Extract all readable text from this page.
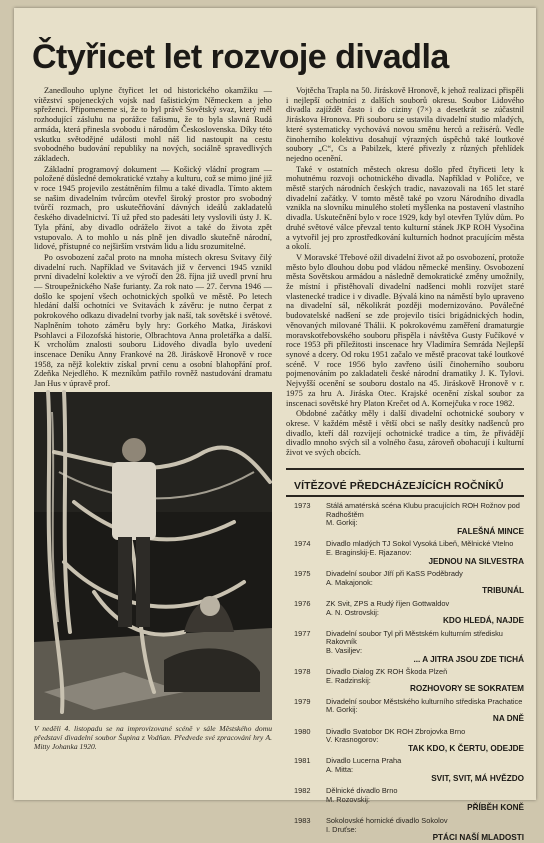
Čtyřicet let rozvoje divadla

Zanedlouho uplyne čtyřicet let od historického okamžiku — vítězství spojeneckých vojsk nad fašistickým Německem a jeho spřeženci. Připomeneme si, že to byl právě Sovětský svaz, který měl rozhodující zásluhu na porážce fašismu, že to byla slavná Rudá armáda, která přinesla svobodu i národům Československa. Díky této vskutku světodějné události mohl náš lid nastoupit na cestu svobodného budování republiky na nových, sociálně spravedlivých základech.

Základní programový dokument — Košický vládní program — položené důsledné demokratické vztahy a kulturu, což se mimo jiné již v roce 1945 projevilo zestátněním filmu a také divadla. Tímto aktem se našim divadelním tvůrcům otevřel široký prostor pro svobodný tvůrčí rozmach, pro uskutečňování dávných ideálů zakladatelů českého divadelnictví. Tí už před sto padesáti lety vyslovili ústy J. K. Tyla přání, aby divadlo odráželo život a také do života zpět vstupovalo. A to mohlo u nás plně jen divadlo skutečně národní, lidové, přístupné co nejširším vrstvám lidu a lidu srozumitelné.

Po osvobození začal proto na mnoha místech okresu Svitavy čilý divadelní ruch. Například ve Svitavách již v červenci 1945 vznikl první divadelní kolektiv a ve výročí den 28. října již uvedl první hru — Stroupežnického Naše furianty. Za rok nato — 27. června 1946 — došlo ke spojení všech ochotnických spolků ve městě. Po letech hledání další ochotníci ve Svitavách k závěru: je nutno čerpat z pokrokového odkazu divadelní tvorby jak naší, tak sovětské i světové. Naplněním tohoto záměru byly hry: Gorkého Matka, Jiráskovi Psohlavci a Filozofská historie, Olbrachtova Anna proletářka a další. K vrcholům znalosti souboru Lidového divadla bylo uvedení inscenace Deníku Anny Frankové na 28. Jiráskově Hronově v roce 1958, za nějž kolektiv získal první cenu a osobní blahopřání prof. Zdeňka Nejedlého. K mezníkům patřilo rovněž nastudování dramatu Jan Hus v úpravě prof.

V neděli 4. listopadu se na improvizované scéně v sále Městského domu představí divadelní soubor Šupina z Vodňan. Předvede své zpracování hry A. Mitty Johanka 1920.

Vojtěcha Trapla na 50. Jiráskově Hronově, k jehož realizaci přispěli i nejlepší ochotníci z dalších souborů okresu. Soubor Lidového divadla zajíždět často i do ciziny (7×) a desetkrát se zúčastnil Jiráskova Hronova. Při souboru se ustavila divadelní studio mladých, které systematicky vychovává novou směnu herců a režisérů. Vedle činoherního kolektivu dosahují výrazných úspěchů také loutkové soubory „C“, Cs a Pabilzek, které přivezly z různých přehlídek nejedno ocenění.

Také v ostatních městech okresu došlo před čtyřiceti lety k mohutnému rozvoji ochotnického divadla. Například v Poličce, ve městě starých národních českých tradic, navazovali na 165 let staré divadelní začátky. V tomto městě také po vzoru Národního divadla vznikla na slovníku minulého století myšlenka na postavení vlastního divadla. Uskutečnění bylo v roce 1929, kdy byl otevřen Tylův dům. Po druhé světové válce převzal tento kulturní stánek JKP ROH Vysočina a vytvořil jej pro zprostředkování kulturních hodnot pracujícím města a okolí.

V Moravské Třebové ožil divadelní život až po osvobození, protože město bylo dlouhou dobu pod vládou německé menšiny. Osvobození města Sovětskou armádou a následně demokratické změny umožnily, že místní i přistěhovalí divadelní nadšenci mohli rozvíjet staré vlastenecké tradice i v divadle. Bývalá kino na náměstí bylo upraveno na divadelní sál, několikrát později modernizováno. Poválečné budovatelské nadšení se zde projevilo tisíci brigádnických hodin, věnovaných milované Thálii. K pokrokovému zaměření dramaturgie moravskotřebovského souboru přispěla i návštěva Gusty Fučíkové v roce 1953 při příležitosti inscenace hry Vladimíra Semráda Nejlepší synové a dcery. Od roku 1951 začalo ve městě pracovat také loutkové scéně. V roce 1956 bylo zavřeno úsilí činoherního souboru pojmenováním po zakladateli české národní dramatiky J. K. Tylovi. Nejvyšší ocenění se souboru dostalo na 45. Jiráskově Hronově v r. 1975 za hru A. Jiráska Otec. Krajské ocenění získal soubor za inscenaci sovětské hry Platon Krečet od A. Kornejčuka v roce 1982.

Obdobné začátky měly i další divadelní ochotnické soubory v okrese. V každém městě i větší obci se našly desítky nadšenců pro divadlo, kteří dál rozvíjejí ochotnické tradice a tím, že přivádějí divadlo mnoho svých sil a volného času, zároveň obohacují i kulturní život ve svých obcích.

VÍTĚZOVÉ PŘEDCHÁZEJÍCÍCH ROČNÍKŮ
1973 Stálá amatérská scéna Klubu pracujících ROH Rožnov pod Radhoštěm
M. Gorkij:
FALEŠNÁ MINCE
1974 Divadlo mladých TJ Sokol Vysoká Libeň, Mělnické Vtelno
E. Braginskij-E. Rjazanov:
JEDNOU NA SILVESTRA
1975 Divadelní soubor JIří při KaSS Poděbrady
A. Makajonok:
TRIBUNÁL
1976 ZK Svit, ZPS a Rudý říjen Gottwaldov
A. N. Ostrovskij:
KDO HLEDÁ, NAJDE
1977 Divadelní soubor Tyl při Městském kulturním středisku Rakovník
B. Vasiljev:
... A JITRA JSOU ZDE TICHÁ
1978 Divadlo Dialog ZK ROH Škoda Plzeň
E. Radzinskij:
ROZHOVORY SE SOKRATEM
1979 Divadelní soubor Městského kulturního střediska Prachatice
M. Gorkij:
NA DNĚ
1980 Divadlo Svatobor DK ROH Zbrojovka Brno
V. Krasnogorov:
TAK KDO, K ČERTU, ODEJDE
1981 Divadlo Lucerna Praha
A. Mitta:
SVIT, SVIT, MÁ HVĚZDO
1982 Dělnické divadlo Brno
M. Rozovskij:
PŘÍBĚH KONĚ
1983 Sokolovské hornické divadlo Sokolov
I. Druťse:
PTÁCI NAŠÍ MLADOSTI
